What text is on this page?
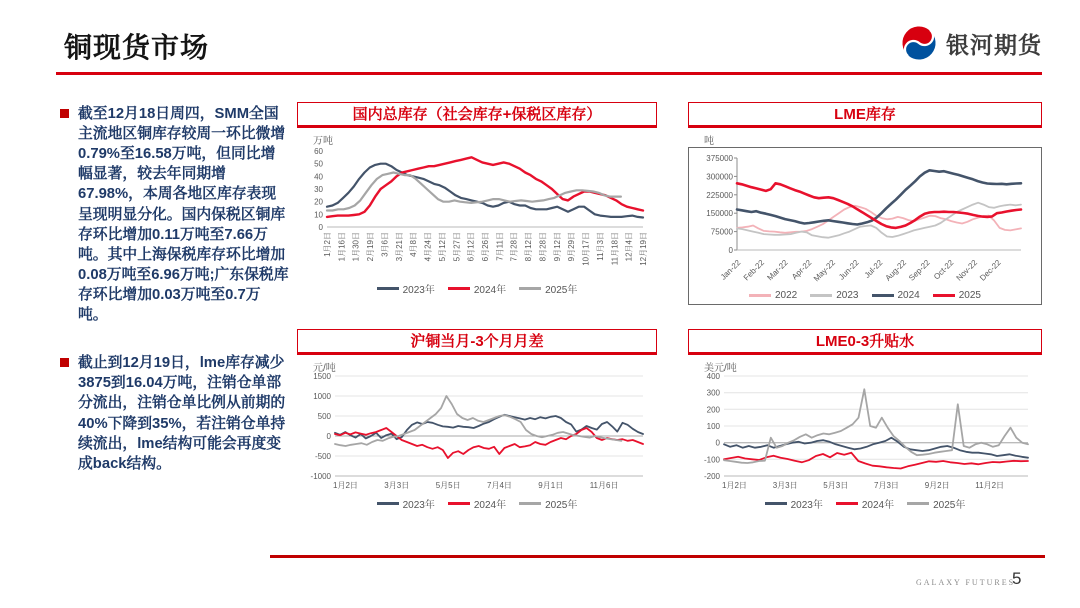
铜现货市场	银河期货
截至12月18日周四，SMM全国主流地区铜库存较周一环比微增0.79%至16.58万吨，但同比增幅显著，较去年同期增67.98%，本周各地区库存表现呈现明显分化。国内保税区铜库存环比增加0.11万吨至7.66万吨。其中上海保税库存环比增加0.08万吨至6.96万吨;广东保税库存环比增加0.03万吨至0.7万吨。
截止到12月19日，lme库存减少3875到16.04万吨，注销仓单部分流出，注销仓单比例从前期的40%下降到35%，若注销仓单持续流出，lme结构可能会再度变成back结构。
国内总库存（社会库存+保税区库存）
万吨
0
10
20
30
40
50
60
1月2日 1月16日 1月30日 2月19日 3月6日 3月21日 4月8日 4月24日 5月12日 5月27日 6月12日 6月26日 7月11日 7月28日 8月12日 8月28日 9月12日 9月29日 10月17日 11月3日 11月18日 12月4日 12月19日
2023年	2024年	2025年
LME库存
吨
0
75000
150000
225000
300000
375000
Jan-22 Feb-22 Mar-22 Apr-22
May-22 Jun-22 Jul-22 Aug-22
Sep-22 Oct-22 Nov-22
Dec-22
2022	2023	2024	2025
沪铜当月-3个月月差
元/吨
-1000
-500
0
500
1000
1500
1月2日	3月3日	5月5日	7月4日	9月1日	11月6日
2023年	2024年	2025年
LME0-3升贴水
美元/吨
-200
-100
0
100
200
300
400
1月2日	3月3日	5月3日	7月3日	9月2日	11月2日
2023年	2024年	2025年
GALAXY FUTURES
5
